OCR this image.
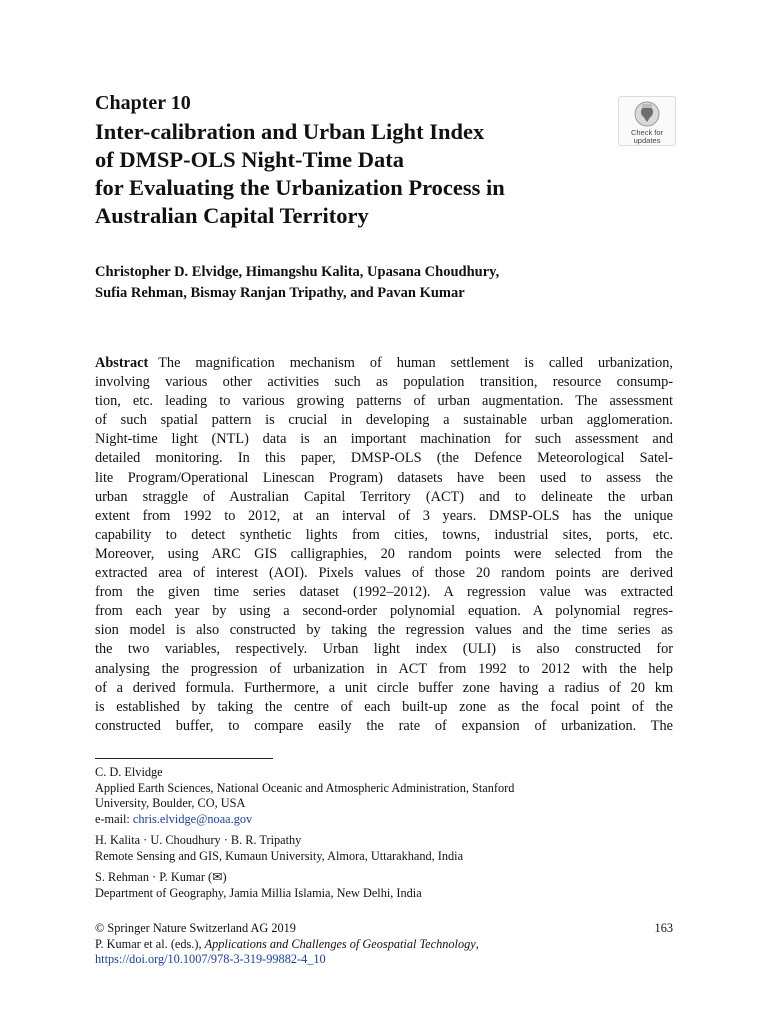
Chapter 10
Inter-calibration and Urban Light Index
of DMSP-OLS Night-Time Data
for Evaluating the Urbanization Process in
Australian Capital Territory
Check for
updates
Christopher D. Elvidge, Himangshu Kalita, Upasana Choudhury,
Sufia Rehman, Bismay Ranjan Tripathy, and Pavan Kumar
Abstract The magnification mechanism of human settlement is called urbanization,
involving various other activities such as population transition, resource consump-
tion, etc. leading to various growing patterns of urban augmentation. The assessment
of such spatial pattern is crucial in developing a sustainable urban agglomeration.
Night-time light (NTL) data is an important machination for such assessment and
detailed monitoring. In this paper, DMSP-OLS (the Defence Meteorological Satel-
lite Program/Operational Linescan Program) datasets have been used to assess the
urban straggle of Australian Capital Territory (ACT) and to delineate the urban
extent from 1992 to 2012, at an interval of 3 years. DMSP-OLS has the unique
capability to detect synthetic lights from cities, towns, industrial sites, ports, etc.
Moreover, using ARC GIS calligraphies, 20 random points were selected from the
extracted area of interest (AOI). Pixels values of those 20 random points are derived
from the given time series dataset (1992–2012). A regression value was extracted
from each year by using a second-order polynomial equation. A polynomial regres-
sion model is also constructed by taking the regression values and the time series as
the two variables, respectively. Urban light index (ULI) is also constructed for
analysing the progression of urbanization in ACT from 1992 to 2012 with the help
of a derived formula. Furthermore, a unit circle buffer zone having a radius of 20 km
is established by taking the centre of each built-up zone as the focal point of the
constructed buffer, to compare easily the rate of expansion of urbanization. The
C. D. Elvidge
Applied Earth Sciences, National Oceanic and Atmospheric Administration, Stanford
University, Boulder, CO, USA
e-mail: chris.elvidge@noaa.gov
H. Kalita · U. Choudhury · B. R. Tripathy
Remote Sensing and GIS, Kumaun University, Almora, Uttarakhand, India
S. Rehman · P. Kumar (✉)
Department of Geography, Jamia Millia Islamia, New Delhi, India
© Springer Nature Switzerland AG 2019	163
P. Kumar et al. (eds.), Applications and Challenges of Geospatial Technology,
https://doi.org/10.1007/978-3-319-99882-4_10
